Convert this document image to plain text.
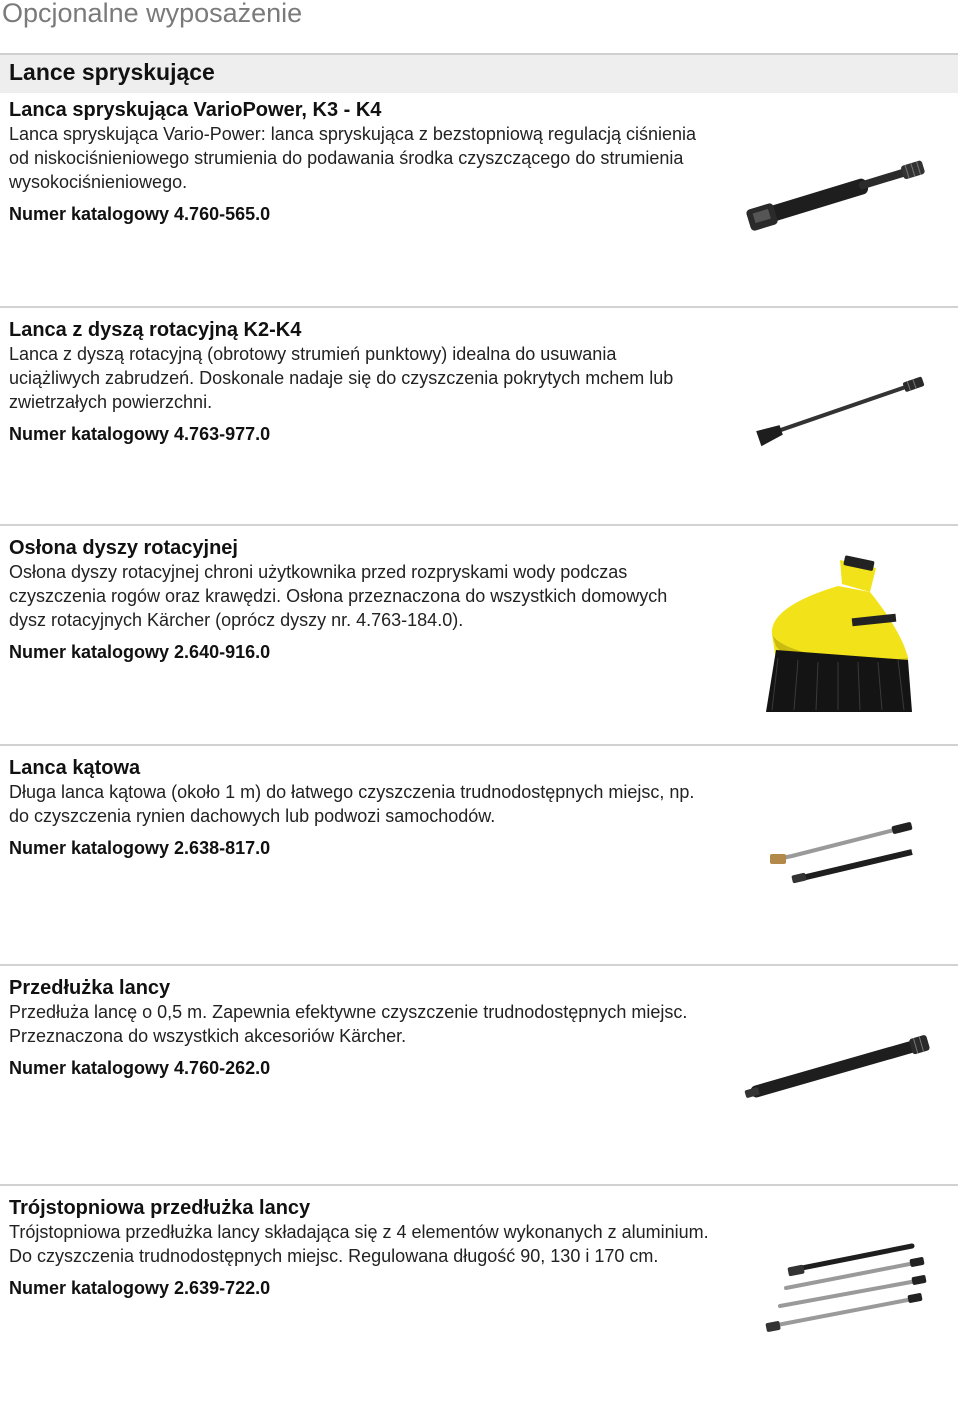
Opcjonalne wyposażenie
Lance spryskujące
Lanca spryskująca VarioPower, K3 - K4

Lanca spryskująca Vario-Power: lanca spryskująca z bezstopniową regulacją ciśnienia od niskociśnieniowego strumienia do podawania środka czyszczącego do strumienia wysokociśnieniowego.

Numer katalogowy 4.760-565.0

Lanca z dyszą rotacyjną K2-K4

Lanca z dyszą rotacyjną (obrotowy strumień punktowy) idealna do usuwania uciążliwych zabrudzeń. Doskonale nadaje się do czyszczenia pokrytych mchem lub zwietrzałych powierzchni.

Numer katalogowy 4.763-977.0

Osłona dyszy rotacyjnej

Osłona dyszy rotacyjnej chroni użytkownika przed rozpryskami wody podczas czyszczenia rogów oraz krawędzi. Osłona przeznaczona do wszystkich domowych dysz rotacyjnych Kärcher (oprócz dyszy nr. 4.763-184.0).

Numer katalogowy 2.640-916.0

Lanca kątowa

Długa lanca kątowa (około 1 m) do łatwego czyszczenia trudnodostępnych miejsc, np. do czyszczenia rynien dachowych lub podwozi samochodów.

Numer katalogowy 2.638-817.0

Przedłużka lancy

Przedłuża lancę o 0,5 m. Zapewnia efektywne czyszczenie trudnodostępnych miejsc. Przeznaczona do wszystkich akcesoriów Kärcher.

Numer katalogowy 4.760-262.0

Trójstopniowa przedłużka lancy

Trójstopniowa przedłużka lancy składająca się z 4 elementów wykonanych z aluminium. Do czyszczenia trudnodostępnych miejsc. Regulowana długość 90, 130 i 170 cm.

Numer katalogowy 2.639-722.0
